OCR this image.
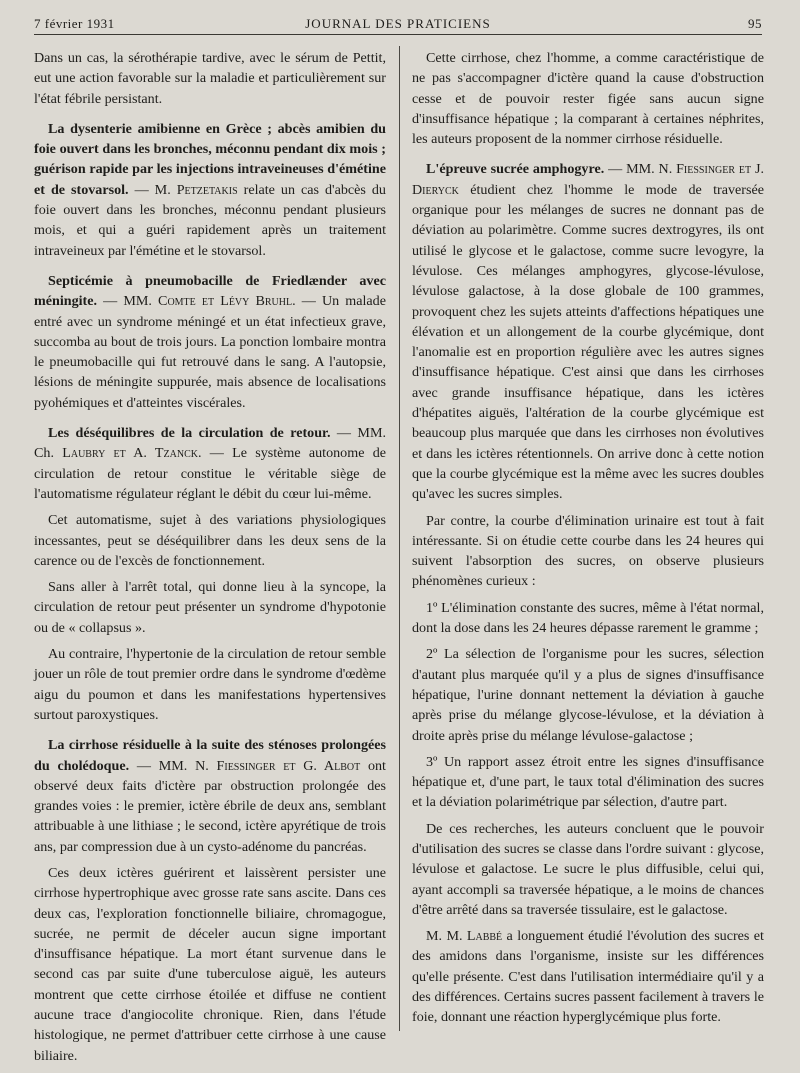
7 février 1931	JOURNAL DES PRATICIENS	95

Dans un cas, la sérothérapie tardive, avec le sérum de Pettit, eut une action favorable sur la maladie et particulièrement sur l'état fébrile persistant.

La dysenterie amibienne en Grèce ; abcès amibien du foie ouvert dans les bronches, méconnu pendant dix mois ; guérison rapide par les injections intraveineuses d'émétine et de stovarsol. — M. Petzetakis relate un cas d'abcès du foie ouvert dans les bronches, méconnu pendant plusieurs mois, et qui a guéri rapidement après un traitement intraveineux par l'émétine et le stovarsol.

Septicémie à pneumobacille de Friedlænder avec méningite. — MM. Comte et Lévy Bruhl. — Un malade entré avec un syndrome méningé et un état infectieux grave, succomba au bout de trois jours. La ponction lombaire montra le pneumobacille qui fut retrouvé dans le sang. A l'autopsie, lésions de méningite suppurée, mais absence de localisations pyohémiques et d'atteintes viscérales.

Les déséquilibres de la circulation de retour. — MM. Ch. Laubry et A. Tzanck. — Le système autonome de circulation de retour constitue le véritable siège de l'automatisme régulateur réglant le débit du cœur lui-même.

Cet automatisme, sujet à des variations physiologiques incessantes, peut se déséquilibrer dans les deux sens de la carence ou de l'excès de fonctionnement.

Sans aller à l'arrêt total, qui donne lieu à la syncope, la circulation de retour peut présenter un syndrome d'hypotonie ou de « collapsus ».

Au contraire, l'hypertonie de la circulation de retour semble jouer un rôle de tout premier ordre dans le syndrome d'œdème aigu du poumon et dans les manifestations hypertensives surtout paroxystiques.

La cirrhose résiduelle à la suite des sténoses prolongées du cholédoque. — MM. N. Fiessinger et G. Albot ont observé deux faits d'ictère par obstruction prolongée des grandes voies : le premier, ictère ébrile de deux ans, semblant attribuable à une lithiase ; le second, ictère apyrétique de trois ans, par compression due à un cysto-adénome du pancréas.

Ces deux ictères guérirent et laissèrent persister une cirrhose hypertrophique avec grosse rate sans ascite. Dans ces deux cas, l'exploration fonctionnelle biliaire, chromagogue, sucrée, ne permit de déceler aucun signe important d'insuffisance hépatique. La mort étant survenue dans le second cas par suite d'une tuberculose aiguë, les auteurs montrent que cette cirrhose étoilée et diffuse ne contient aucune trace d'angiocolite chronique. Rien, dans l'étude histologique, ne permet d'attribuer cette cirrhose à une cause biliaire.

Cette cirrhose, chez l'homme, a comme caractéristique de ne pas s'accompagner d'ictère quand la cause d'obstruction cesse et de pouvoir rester figée sans aucun signe d'insuffisance hépatique ; la comparant à certaines néphrites, les auteurs proposent de la nommer cirrhose résiduelle.

L'épreuve sucrée amphogyre. — MM. N. Fiessinger et J. Dieryck étudient chez l'homme le mode de traversée organique pour les mélanges de sucres ne donnant pas de déviation au polarimètre. Comme sucres dextrogyres, ils ont utilisé le glycose et le galactose, comme sucre levogyre, la lévulose. Ces mélanges amphogyres, glycose-lévulose, lévulose galactose, à la dose globale de 100 grammes, provoquent chez les sujets atteints d'affections hépatiques une élévation et un allongement de la courbe glycémique, dont l'anomalie est en proportion régulière avec les autres signes d'insuffisance hépatique. C'est ainsi que dans les cirrhoses avec grande insuffisance hépatique, dans les ictères d'hépatites aiguës, l'altération de la courbe glycémique est beaucoup plus marquée que dans les cirrhoses non évolutives et dans les ictères rétentionnels. On arrive donc à cette notion que la courbe glycémique est la même avec les sucres doubles qu'avec les sucres simples.

Par contre, la courbe d'élimination urinaire est tout à fait intéressante. Si on étudie cette courbe dans les 24 heures qui suivent l'absorption des sucres, on observe plusieurs phénomènes curieux :

1º L'élimination constante des sucres, même à l'état normal, dont la dose dans les 24 heures dépasse rarement le gramme ;

2º La sélection de l'organisme pour les sucres, sélection d'autant plus marquée qu'il y a plus de signes d'insuffisance hépatique, l'urine donnant nettement la déviation à gauche après prise du mélange glycose-lévulose, et la déviation à droite après prise du mélange lévulose-galactose ;

3º Un rapport assez étroit entre les signes d'insuffisance hépatique et, d'une part, le taux total d'élimination des sucres et la déviation polarimétrique par sélection, d'autre part.

De ces recherches, les auteurs concluent que le pouvoir d'utilisation des sucres se classe dans l'ordre suivant : glycose, lévulose et galactose. Le sucre le plus diffusible, celui qui, ayant accompli sa traversée hépatique, a le moins de chances d'être arrêté dans sa traversée tissulaire, est le galactose.

M. M. Labbé a longuement étudié l'évolution des sucres et des amidons dans l'organisme, insiste sur les différences qu'elle présente. C'est dans l'utilisation intermédiaire qu'il y a des différences. Certains sucres passent facilement à travers le foie, donnant une réaction hyperglycémique plus forte.
